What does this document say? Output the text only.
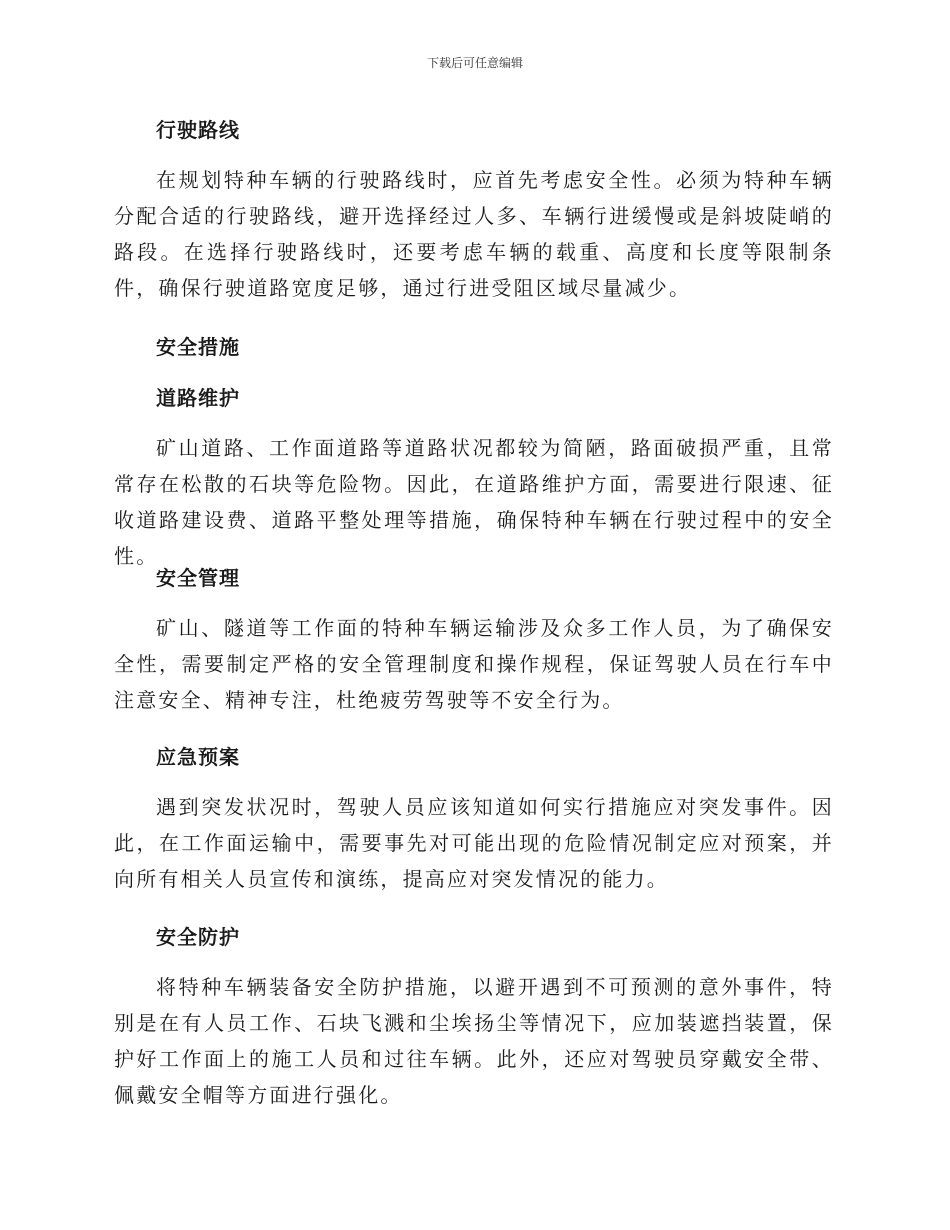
下载后可任意编辑
行驶路线

在规划特种车辆的行驶路线时，应首先考虑安全性。必须为特种车辆分配合适的行驶路线，避开选择经过人多、车辆行进缓慢或是斜坡陡峭的路段。在选择行驶路线时，还要考虑车辆的载重、高度和长度等限制条件，确保行驶道路宽度足够，通过行进受阻区域尽量减少。

安全措施
道路维护

矿山道路、工作面道路等道路状况都较为简陋，路面破损严重，且常常存在松散的石块等危险物。因此，在道路维护方面，需要进行限速、征收道路建设费、道路平整处理等措施，确保特种车辆在行驶过程中的安全性。

安全管理

矿山、隧道等工作面的特种车辆运输涉及众多工作人员，为了确保安全性，需要制定严格的安全管理制度和操作规程，保证驾驶人员在行车中注意安全、精神专注，杜绝疲劳驾驶等不安全行为。

应急预案

遇到突发状况时，驾驶人员应该知道如何实行措施应对突发事件。因此，在工作面运输中，需要事先对可能出现的危险情况制定应对预案，并向所有相关人员宣传和演练，提高应对突发情况的能力。

安全防护

将特种车辆装备安全防护措施，以避开遇到不可预测的意外事件，特别是在有人员工作、石块飞溅和尘埃扬尘等情况下，应加装遮挡装置，保护好工作面上的施工人员和过往车辆。此外，还应对驾驶员穿戴安全带、佩戴安全帽等方面进行强化。
